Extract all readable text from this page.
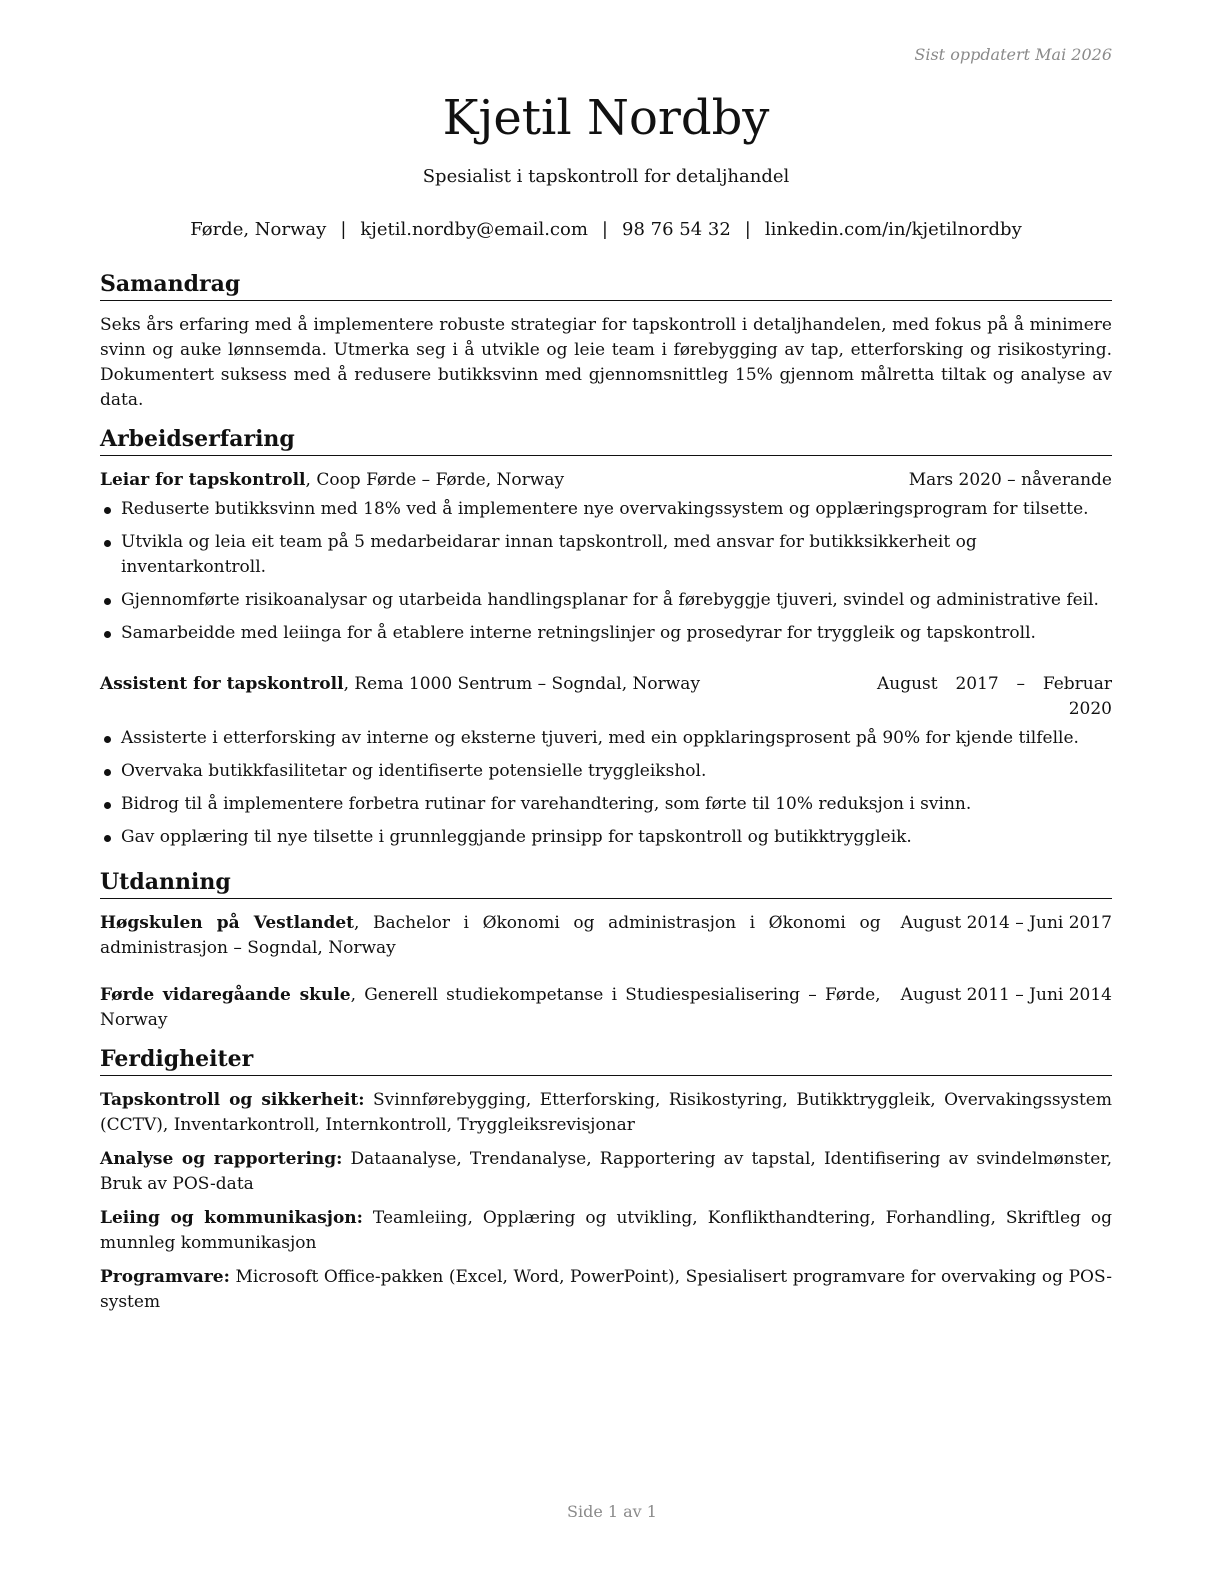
Sist oppdatert Mai 2026
Kjetil Nordby
Spesialist i tapskontroll for detaljhandel
Førde, Norway | kjetil.nordby@email.com | 98 76 54 32 | linkedin.com/in/kjetilnordby
Samandrag

Seks års erfaring med å implementere robuste strategiar for tapskontroll i detaljhandelen, med fokus på å minimere svinn og auke lønnsemda. Utmerka seg i å utvikle og leie team i førebygging av tap, etterforsking og risikostyring. Dokumentert suksess med å redusere butikksvinn med gjennomsnittleg 15% gjennom målretta tiltak og analyse av data.

Arbeidserfaring
Leiar for tapskontroll, Coop Førde – Førde, Norway	Mars 2020 – nåverande
Reduserte butikksvinn med 18% ved å implementere nye overvakingssystem og opplæringsprogram for tilsette.
Utvikla og leia eit team på 5 medarbeidarar innan tapskontroll, med ansvar for butikksikkerheit og inventarkontroll.
Gjennomførte risikoanalysar og utarbeida handlingsplanar for å førebyggje tjuveri, svindel og administrative feil.
Samarbeidde med leiinga for å etablere interne retningslinjer og prosedyrar for tryggleik og tapskontroll.
Assistent for tapskontroll, Rema 1000 Sentrum – Sogndal, Norway	August 2017 – Februar 2020
Assisterte i etterforsking av interne og eksterne tjuveri, med ein oppklaringsprosent på 90% for kjende tilfelle.
Overvaka butikkfasilitetar og identifiserte potensielle tryggleikshol.
Bidrog til å implementere forbetra rutinar for varehandtering, som førte til 10% reduksjon i svinn.
Gav opplæring til nye tilsette i grunnleggjande prinsipp for tapskontroll og butikktryggleik.
Utdanning
Høgskulen på Vestlandet, Bachelor i Økonomi og administrasjon i Økonomi og administrasjon – Sogndal, Norway
August 2014 – Juni 2017
Førde vidaregåande skule, Generell studiekompetanse i Studiespesialisering – Førde, Norway
August 2011 – Juni 2014
Ferdigheiter

Tapskontroll og sikkerheit: Svinnførebygging, Etterforsking, Risikostyring, Butikktryggleik, Overvakingssystem (CCTV), Inventarkontroll, Internkontroll, Tryggleiksrevisjonar

Analyse og rapportering: Dataanalyse, Trendanalyse, Rapportering av tapstal, Identifisering av svindelmønster, Bruk av POS-data

Leiing og kommunikasjon: Teamleiing, Opplæring og utvikling, Konflikthandtering, Forhandling, Skriftleg og munnleg kommunikasjon

Programvare: Microsoft Office-pakken (Excel, Word, PowerPoint), Spesialisert programvare for overvaking og POS-system

Side 1 av 1
